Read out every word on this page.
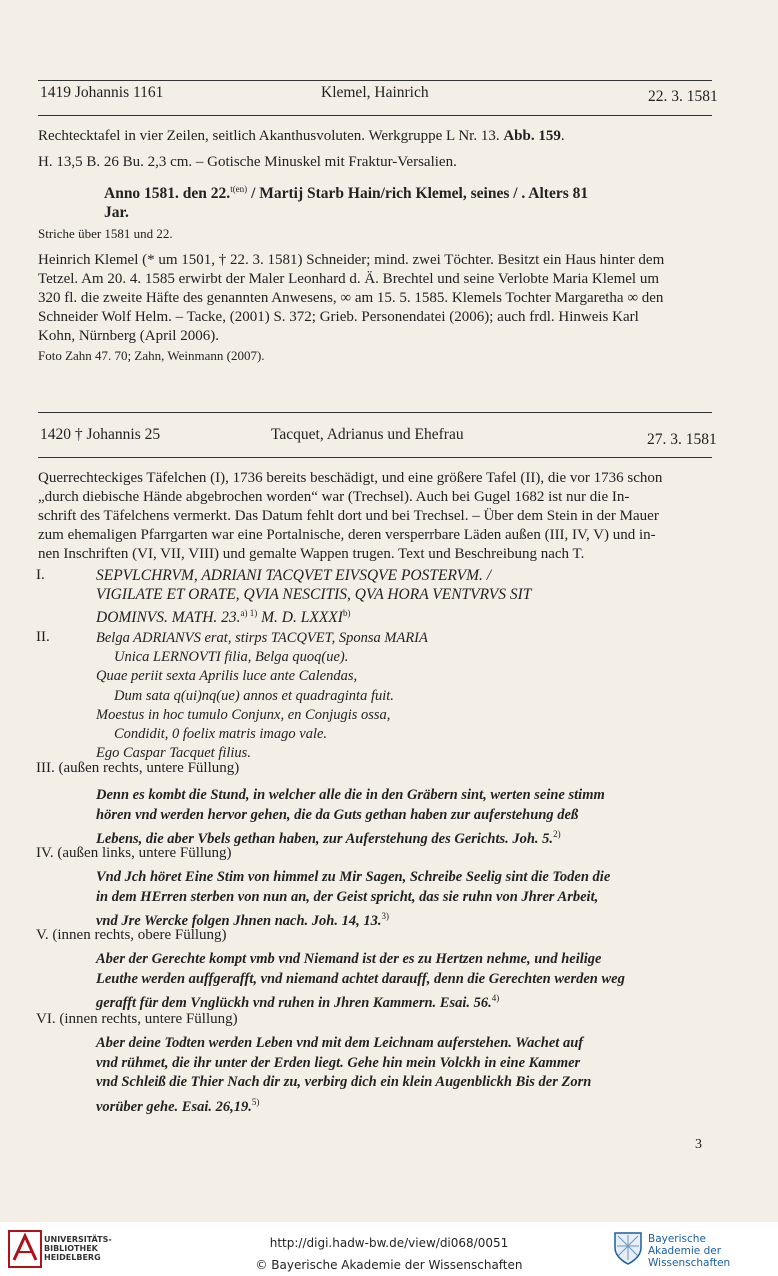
1419 Johannis 1161	Klemel, Hainrich	22. 3. 1581
Rechtecktafel in vier Zeilen, seitlich Akanthusvoluten. Werkgruppe L Nr. 13. Abb. 159.
H. 13,5 B. 26 Bu. 2,3 cm. – Gotische Minuskel mit Fraktur-Versalien.
Anno 1581. den 22.$^{t(en)}$ / Martij Starb Hain/rich Klemel, seines / . Alters 81
Jar.
Striche über 1581 und 22.
Heinrich Klemel (* um 1501, † 22. 3. 1581) Schneider; mind. zwei Töchter. Besitzt ein Haus hinter dem
Tetzel. Am 20. 4. 1585 erwirbt der Maler Leonhard d. Ä. Brechtel und seine Verlobte Maria Klemel um
320 fl. die zweite Häfte des genannten Anwesens, ∞ am 15. 5. 1585. Klemels Tochter Margaretha ∞ den
Schneider Wolf Helm. – Tacke, (2001) S. 372; Grieb. Personendatei (2006); auch frdl. Hinweis Karl
Kohn, Nürnberg (April 2006).
Foto Zahn 47. 70; Zahn, Weinmann (2007).
1420 † Johannis 25	Tacquet, Adrianus und Ehefrau	27. 3. 1581
Querrechteckiges Täfelchen (I), 1736 bereits beschädigt, und eine größere Tafel (II), die vor 1736 schon
„durch diebische Hände abgebrochen worden“ war (Trechsel). Auch bei Gugel 1682 ist nur die In-
schrift des Täfelchens vermerkt. Das Datum fehlt dort und bei Trechsel. – Über dem Stein in der Mauer
zum ehemaligen Pfarrgarten war eine Portalnische, deren versperrbare Läden außen (III, IV, V) und in-
nen Inschriften (VI, VII, VIII) und gemalte Wappen trugen. Text und Beschreibung nach T.
I.	SEPVLCHRVM, ADRIANI TACQVET EIVSQVE POSTERVM. /
VIGILATE ET ORATE, QVIA NESCITIS, QVA HORA VENTVRVS SIT
DOMINVS. MATH. 23.$^{a) 1)}$ M. D. LXXXI$^{b)}$
II.	Belga ADRIANVS erat, stirps TACQVET, Sponsa MARIA
Unica LERNOVTI filia, Belga quoq(ue).
Quae periit sexta Aprilis luce ante Calendas,
Dum sata q(ui)nq(ue) annos et quadraginta fuit.
Moestus in hoc tumulo Conjunx, en Conjugis ossa,
Condidit, 0 foelix matris imago vale.
Ego Caspar Tacquet filius.
III. (außen rechts, untere Füllung)
Denn es kombt die Stund, in welcher alle die in den Gräbern sint, werten seine stimm
hören vnd werden hervor gehen, die da Guts gethan haben zur auferstehung deß
Lebens, die aber Vbels gethan haben, zur Auferstehung des Gerichts. Joh. 5.$^{2)}$
IV. (außen links, untere Füllung)
Vnd Jch höret Eine Stim von himmel zu Mir Sagen, Schreibe Seelig sint die Toden die
in dem HErren sterben von nun an, der Geist spricht, das sie ruhn von Jhrer Arbeit,
vnd Jre Wercke folgen Jhnen nach. Joh. 14, 13.$^{3)}$
V. (innen rechts, obere Füllung)
Aber der Gerechte kompt vmb vnd Niemand ist der es zu Hertzen nehme, und heilige
Leuthe werden auffgerafft, vnd niemand achtet darauff, denn die Gerechten werden weg
gerafft für dem Vnglückh vnd ruhen in Jhren Kammern. Esai. 56.$^{4)}$
VI. (innen rechts, untere Füllung)
Aber deine Todten werden Leben vnd mit dem Leichnam auferstehen. Wachet auf
vnd rühmet, die ihr unter der Erden liegt. Gehe hin mein Volckh in eine Kammer
vnd Schleiß die Thier Nach dir zu, verbirg dich ein klein Augenblickh Bis der Zorn
vorüber gehe. Esai. 26,19.$^{5)}$
3
UNIVERSITÄTS-
BIBLIOTHEK
HEIDELBERG
http://digi.hadw-bw.de/view/di068/0051
© Bayerische Akademie der Wissenschaften
Bayerische
Akademie der Wissenschaften
